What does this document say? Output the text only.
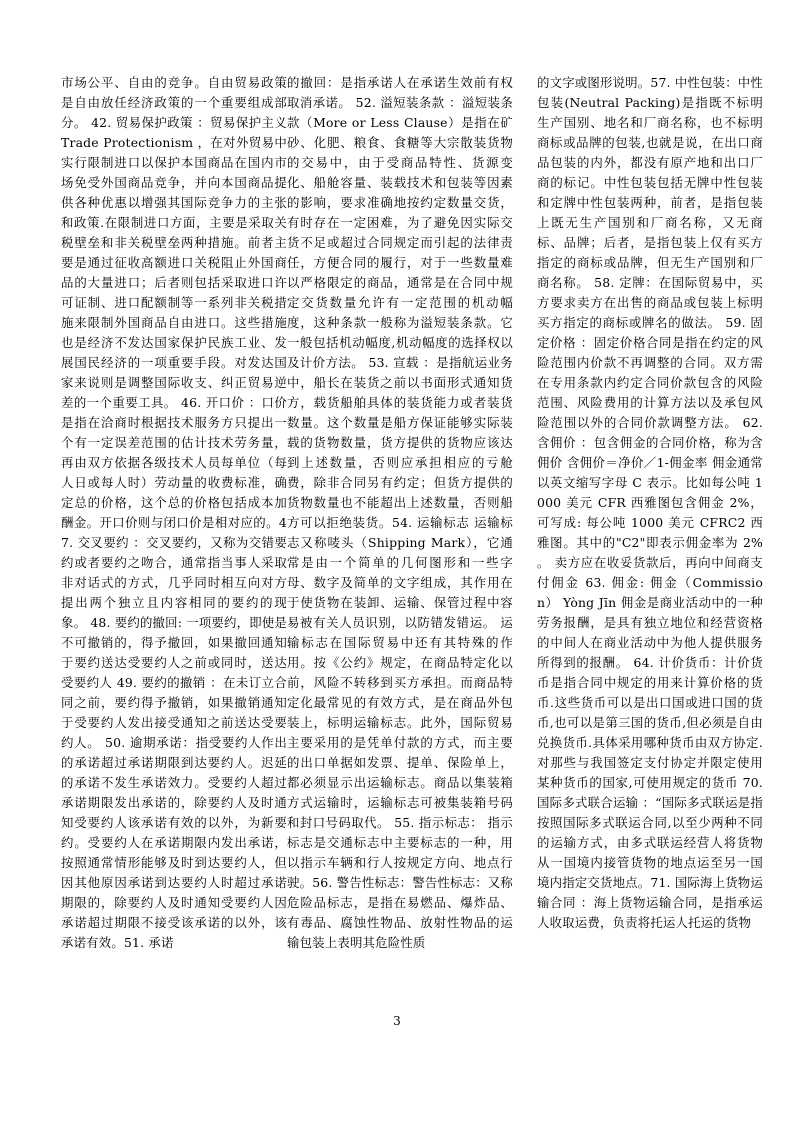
市场公平、自由的竞争。自由贸易政策是自由放任经济政策的一个重要组成部分。 42. 贸易保护政策 ：贸易保护主义 Trade Protectionism ，在对外贸易中实行限制进口以保护本国商品在国内市场免受外国商品竞争，并向本国商品提供各种优惠以增强其国际竞争力的主张和政策.在限制进口方面，主要是采取关税壁垒和非关税壁垒两种措施。前者主要是通过征收高额进口关税阻止外国商品的大量进口；后者则包括采取进口许可证制、进口配额制等一系列非关税措施来限制外国商品自由进口。这些措施也是经济不发达国家保护民族工业、发展国民经济的一项重要手段。对发达国家来说则是调整国际收支、纠正贸易逆差的一个重要工具。 46. 开口价 ：口价是指在洽商时根据技术服务方只提出一个有一定误差范围的估计技术劳务量，再由双方依据各级技术人员每单位（每人日或每人时）劳动量的收费标准，确定总的价格，这个总的价格包括成本加酬金。开口价则与闭口价是相对应的。47. 交叉要约 ：交叉要约，又称为交错要约或者要约之吻合，通常指当事人采取非对话式的方式，几乎同时相互向对方提出两个独立且内容相同的要约的现象。 48. 要约的撤回: 一项要约，即使是不可撤销的，得予撤回，如果撤回通知于要约送达受要约人之前或同时，送达受要约人 49. 要约的撤销 ：在未订立合同之前，要约得予撤销，如果撤销通知于受要约人发出接受通知之前送达受要约人。 50. 逾期承诺：指受要约人作出的承诺超过承诺期限到达要约人。迟延的承诺不发生承诺效力。受要约人超过承诺期限发出承诺的，除要约人及时通知受要约人该承诺有效的以外，为新要约。受要约人在承诺期限内发出承诺，按照通常情形能够及时到达要约人，但因其他原因承诺到达要约人时超过承诺期限的，除要约人及时通知受要约人因承诺超过期限不接受该承诺的以外，该承诺有效。51. 承诺

的撤回：是指承诺人在承诺生效前有权取消承诺。 52. 溢短装条款 ：溢短装条款（More or Less Clause）是指在矿砂、化肥、粮食、食糖等大宗散装货物的交易中，由于受商品特性、货源变化、船舱容量、装载技术和包装等因素的影响，要求准确地按约定数量交货，有时存在一定困难，为了避免因实际交货不足或超过合同规定而引起的法律责任，方便合同的履行，对于一些数量难以严格限定的商品，通常是在合同中规定交货数量允许有一定范围的机动幅度，这种条款一般称为溢短装条款。它一般包括机动幅度,机动幅度的选择权以及计价方法。 53. 宣载 ：是指航运业务中，船长在装货之前以书面形式通知货方，载货船舶具体的装货能力或者装货数量。这个数量是船方保证能够实际装载的货物数量，货方提供的货物应该达到上述数量，否则应承担相应的亏舱费，除非合同另有约定；但货方提供的货物数量也不能超出上述数量，否则船方可以拒绝装货。54. 运输标志 运输标志又称唛头（Shipping Mark），它通常是由一个简单的几何图形和一些字母、数字及简单的文字组成，其作用在于使货物在装卸、运输、保管过程中容易被有关人员识别，以防错发错运。 运输标志在国际贸易中还有其特殊的作用。按《公约》规定，在商品特定化以前，风险不转移到买方承担。而商品特定化最常见的有效方式，是在商品外包装上，标明运输标志。此外，国际贸易主要采用的是凭单付款的方式，而主要的出口单据如发票、提单、保险单上，都必须显示出运输标志。商品以集装箱方式运输时，运输标志可被集装箱号码和封口号码取代。 55. 指示标志： 指示标志是交通标志中主要标志的一种，用以指示车辆和行人按规定方向、地点行驶。56. 警告性标志：警告性标志：又称危险品标志，是指在易燃品、爆炸品、有毒品、腐蚀性物品、放射性物品的运输包装上表明其危险性质

的文字或图形说明。57. 中性包装：中性包装(Neutral Packing)是指既不标明生产国别、地名和厂商名称，也不标明商标或品牌的包装,也就是说，在出口商品包装的内外，都没有原产地和出口厂商的标记。中性包装包括无牌中性包装和定牌中性包装两种，前者，是指包装上既无生产国别和厂商名称，又无商标、品牌；后者，是指包装上仅有买方指定的商标或品牌，但无生产国别和厂商名称。 58. 定牌：在国际贸易中，买方要求卖方在出售的商品或包装上标明买方指定的商标或牌名的做法。 59. 固定价格 ：固定价格合同是指在约定的风险范围内价款不再调整的合同。双方需在专用条款内约定合同价款包含的风险范围、风险费用的计算方法以及承包风险范围以外的合同价款调整方法。 62. 含佣价 ：包含佣金的合同价格，称为含佣价 含佣价＝净价／1-佣金率 佣金通常以英文缩写字母 C 表示。比如每公吨 1000 美元 CFR 西雅图包含佣金 2%，可写成: 每公吨 1000 美元 CFRC2 西雅图。其中的"C2"即表示佣金率为 2% 。 卖方应在收妥货款后，再向中间商支付佣金 63. 佣金: 佣金（Commission） Yòng Jīn 佣金是商业活动中的一种劳务报酬，是具有独立地位和经营资格的中间人在商业活动中为他人提供服务所得到的报酬。 64. 计价货币：计价货币是指合同中规定的用来计算价格的货币.这些货币可以是出口国或进口国的货币,也可以是第三国的货币,但必须是自由兑换货币.具体采用哪种货币由双方协定.对那些与我国签定支付协定并限定使用某种货币的国家,可使用规定的货币 70. 国际多式联合运输 ：“国际多式联运是指按照国际多式联运合同,以至少两种不同的运输方式，由多式联运经营人将货物从一国境内接管货物的地点运至另一国境内指定交货地点。71. 国际海上货物运输合同 ：海上货物运输合同，是指承运人收取运费，负责将托运人托运的货物

3
